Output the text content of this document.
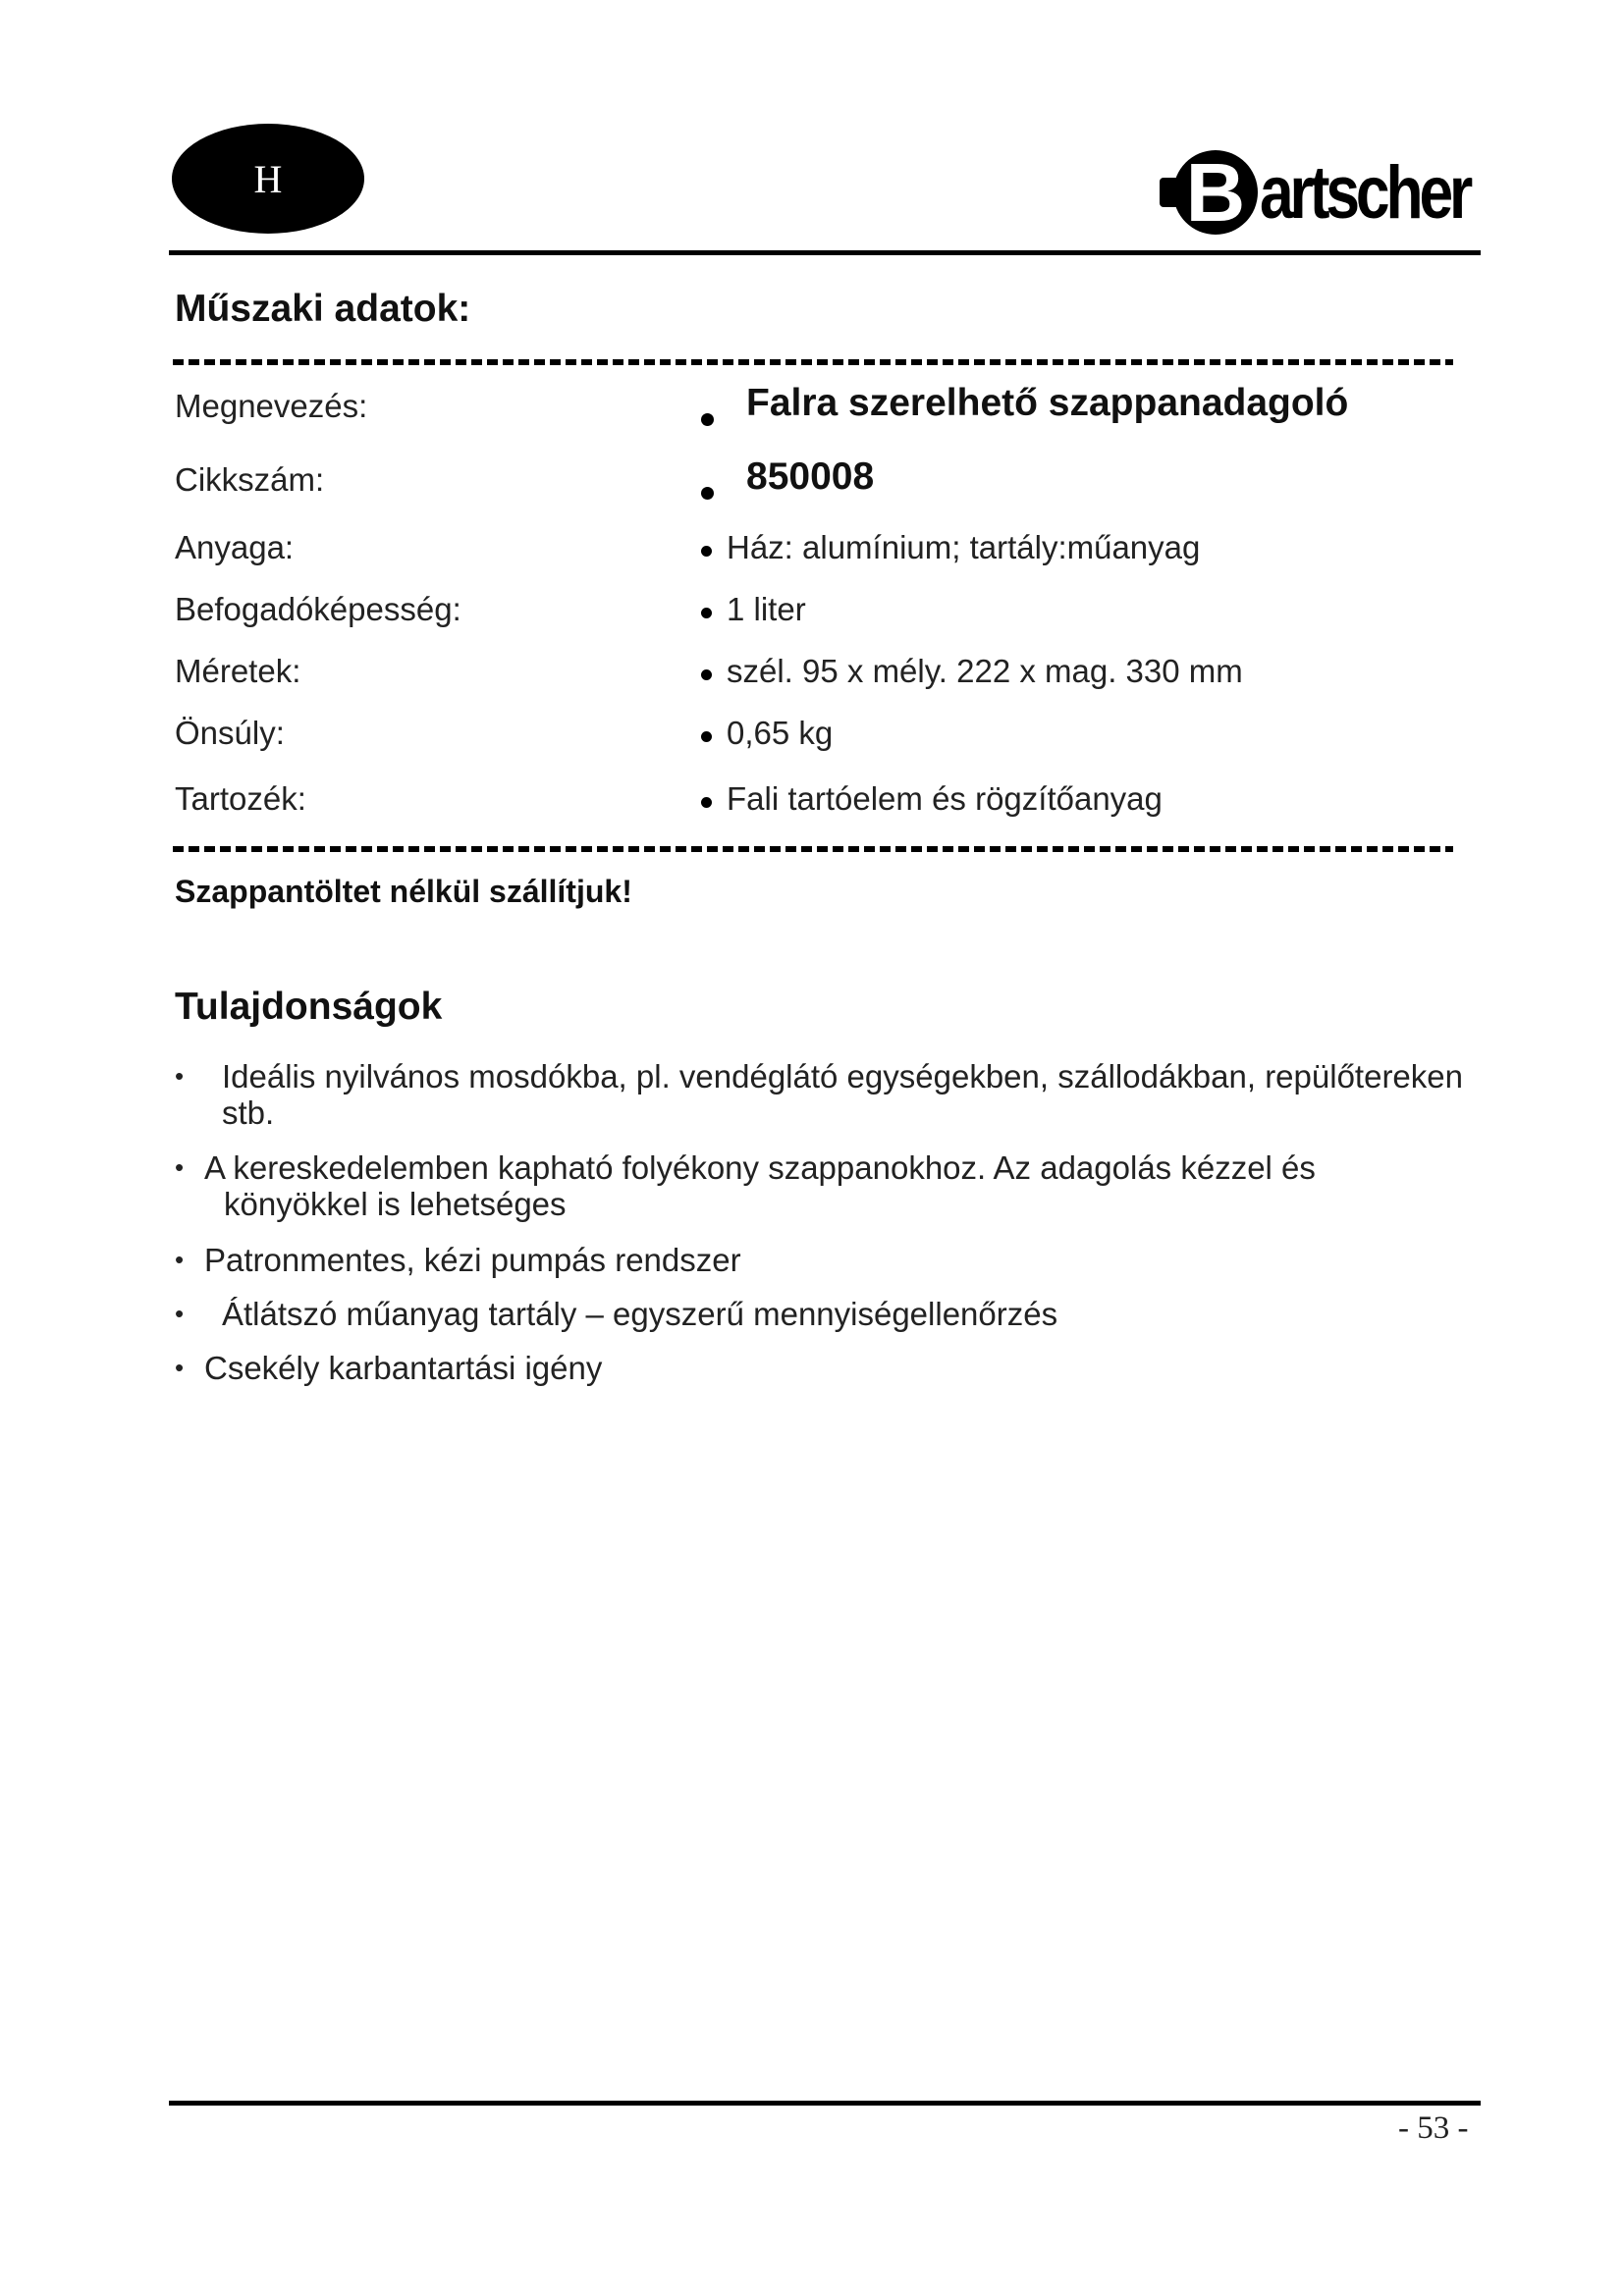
H	B artscher
Műszaki adatok:
Megnevezés:	Falra szerelhető szappanadagoló
Cikkszám:	850008
Anyaga:	Ház: alumínium; tartály:műanyag
Befogadóképesség:	1 liter
Méretek:	szél. 95 x mély. 222 x mag. 330 mm
Önsúly:	0,65 kg
Tartozék:	Fali tartóelem és rögzítőanyag
Szappantöltet nélkül szállítjuk!
Tulajdonságok
• Ideális nyilvános mosdókba, pl. vendéglátó egységekben, szállodákban, repülőtereken
stb.
• A kereskedelemben kapható folyékony szappanokhoz. Az adagolás kézzel és
könyökkel is lehetséges
• Patronmentes, kézi pumpás rendszer
• Átlátszó műanyag tartály – egyszerű mennyiségellenőrzés
• Csekély karbantartási igény
- 53 -
